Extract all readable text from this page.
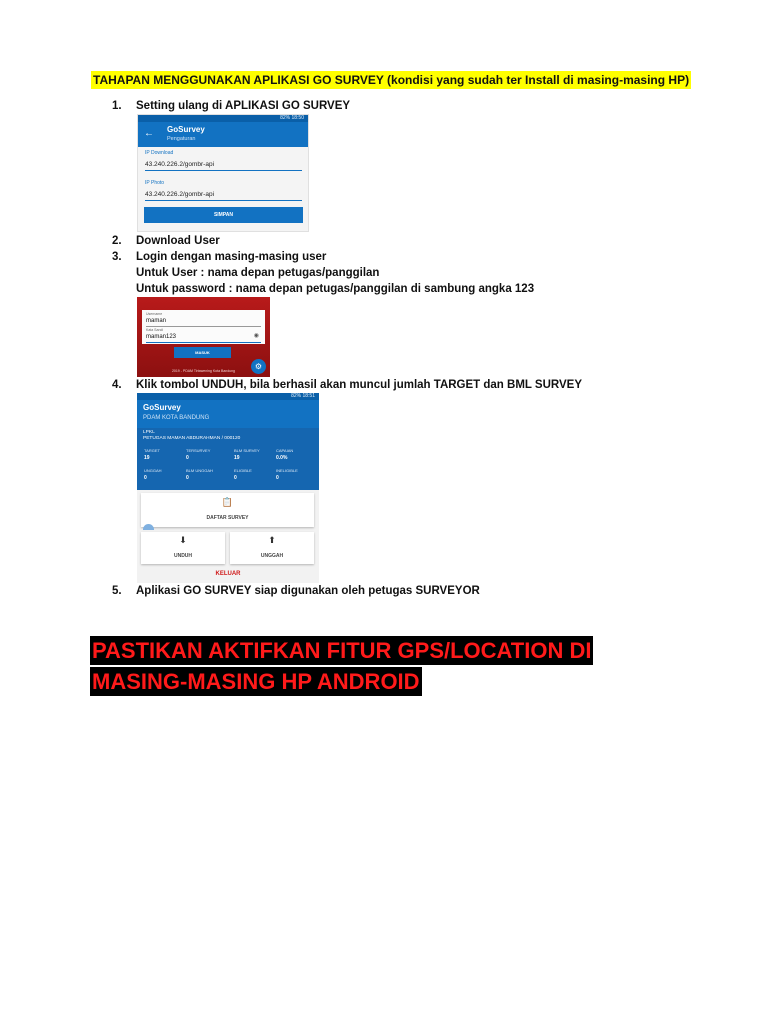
TAHAPAN MENGGUNAKAN APLIKASI GO SURVEY (kondisi yang sudah ter Install di masing-masing HP)
1. Setting ulang di APLIKASI GO SURVEY
82% 18:50
← GoSurvey
Pengaturan
IP Download
43.240.226.2/gombr-api
IP Photo
43.240.226.2/gombr-api
SIMPAN
2. Download User
3. Login dengan masing-masing user
Untuk User : nama depan petugas/panggilan
Untuk password : nama depan petugas/panggilan di sambung angka 123
Username
maman
Kata Sandi
maman123	◉
MASUK
2019 - PDAM Tirtawening Kota Bandung	⚙
4. Klik tombol UNDUH, bila berhasil akan muncul jumlah TARGET dan BML SURVEY
82% 18:51
GoSurvey
PDAM KOTA BANDUNG
LPKL
PETUGAS MAMAN ABDURAHMAN / 000120
TARGET
19
TERSURVEY
0
BLM SURVEY
19
CAPAIAN
0.0%
UNGGAH
0
BLM UNGGAH
0
ELIGIBLE
0
INELIGIBLE
0
📋
DAFTAR SURVEY
⬇
UNDUH
⬆
UNGGAH
KELUAR
5. Aplikasi GO SURVEY siap digunakan oleh petugas SURVEYOR
PASTIKAN AKTIFKAN FITUR GPS/LOCATION DI
MASING-MASING HP ANDROID
